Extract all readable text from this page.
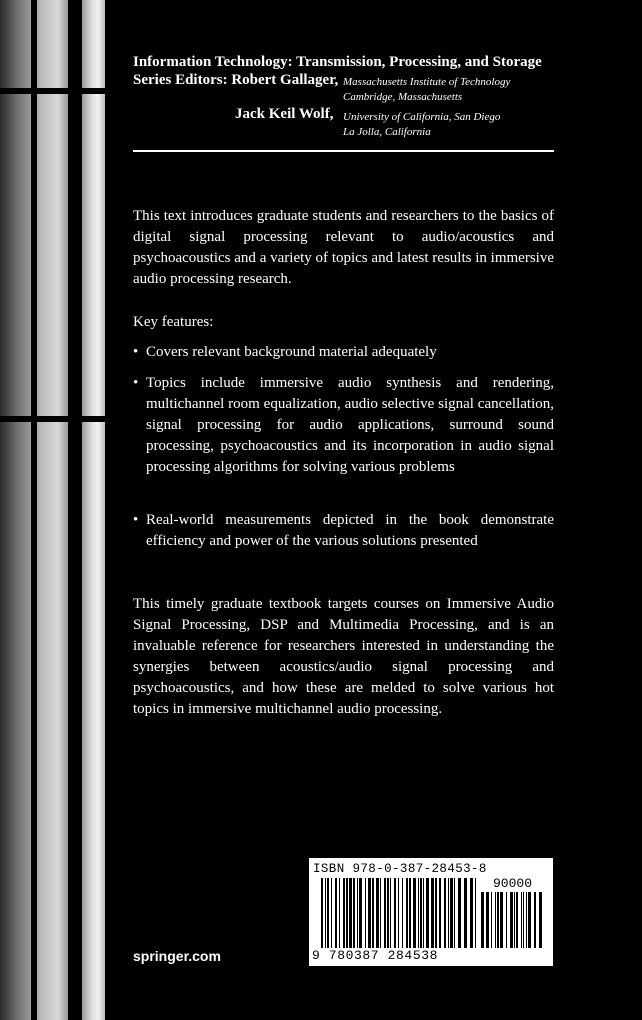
Information Technology: Transmission, Processing, and Storage
Series Editors: Robert Gallager, Massachusetts Institute of Technology
Cambridge, Massachusetts
Jack Keil Wolf, University of California, San Diego
La Jolla, California
This text introduces graduate students and researchers to the basics of digital signal processing relevant to audio/acoustics and psychoacoustics and a variety of topics and latest results in immersive audio processing research.
Key features:
• Covers relevant background material adequately
• Topics include immersive audio synthesis and rendering, multichannel room equalization, audio selective signal cancellation, signal processing for audio applications, surround sound processing, psychoacoustics and its incorporation in audio signal processing algorithms for solving various problems
• Real-world measurements depicted in the book demonstrate efficiency and power of the various solutions presented
This timely graduate textbook targets courses on Immersive Audio Signal Processing, DSP and Multimedia Processing, and is an invaluable reference for researchers interested in understanding the synergies between acoustics/audio signal processing and psychoacoustics, and how these are melded to solve various hot topics in immersive multichannel audio processing.
springer.com
ISBN 978-0-387-28453-8
90000
9 780387 284538
